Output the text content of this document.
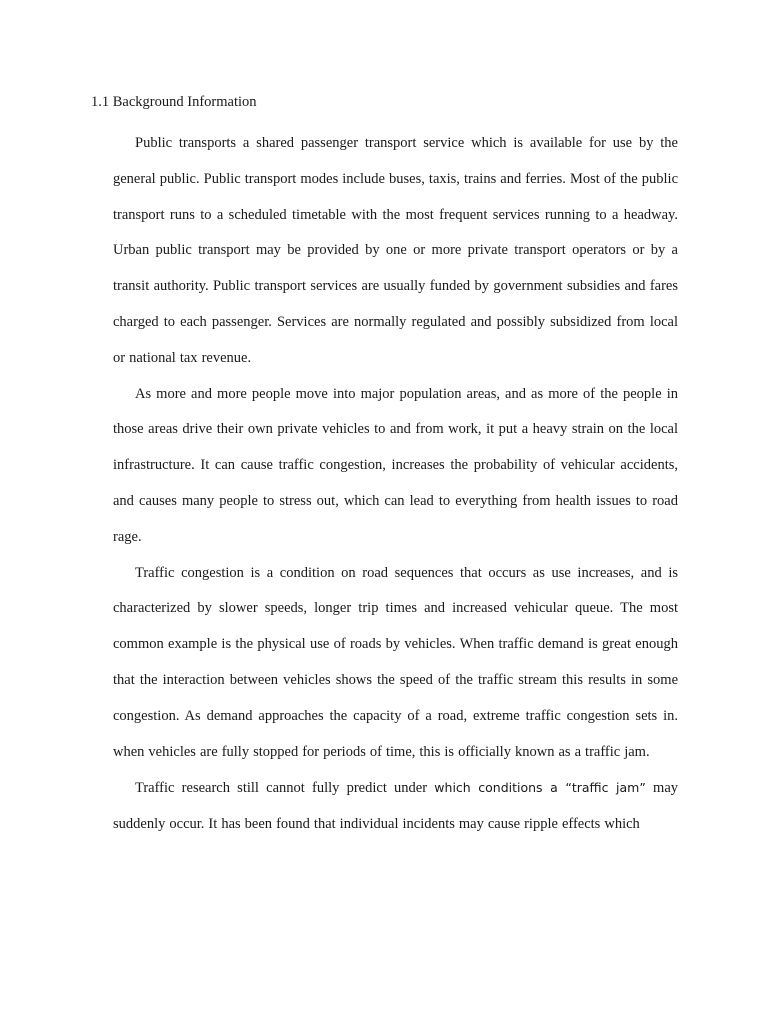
1.1 Background Information

Public transports a shared passenger transport service which is available for use by the general public. Public transport modes include buses, taxis, trains and ferries. Most of the public transport runs to a scheduled timetable with the most frequent services running to a headway. Urban public transport may be provided by one or more private transport operators or by a transit authority. Public transport services are usually funded by government subsidies and fares charged to each passenger. Services are normally regulated and possibly subsidized from local or national tax revenue.

As more and more people move into major population areas, and as more of the people in those areas drive their own private vehicles to and from work, it put a heavy strain on the local infrastructure. It can cause traffic congestion, increases the probability of vehicular accidents, and causes many people to stress out, which can lead to everything from health issues to road rage.

Traffic congestion is a condition on road sequences that occurs as use increases, and is characterized by slower speeds, longer trip times and increased vehicular queue. The most common example is the physical use of roads by vehicles. When traffic demand is great enough that the interaction between vehicles shows the speed of the traffic stream this results in some congestion. As demand approaches the capacity of a road, extreme traffic congestion sets in. when vehicles are fully stopped for periods of time, this is officially known as a traffic jam.

Traffic research still cannot fully predict under which conditions a “traffic jam” may suddenly occur. It has been found that individual incidents may cause ripple effects which
